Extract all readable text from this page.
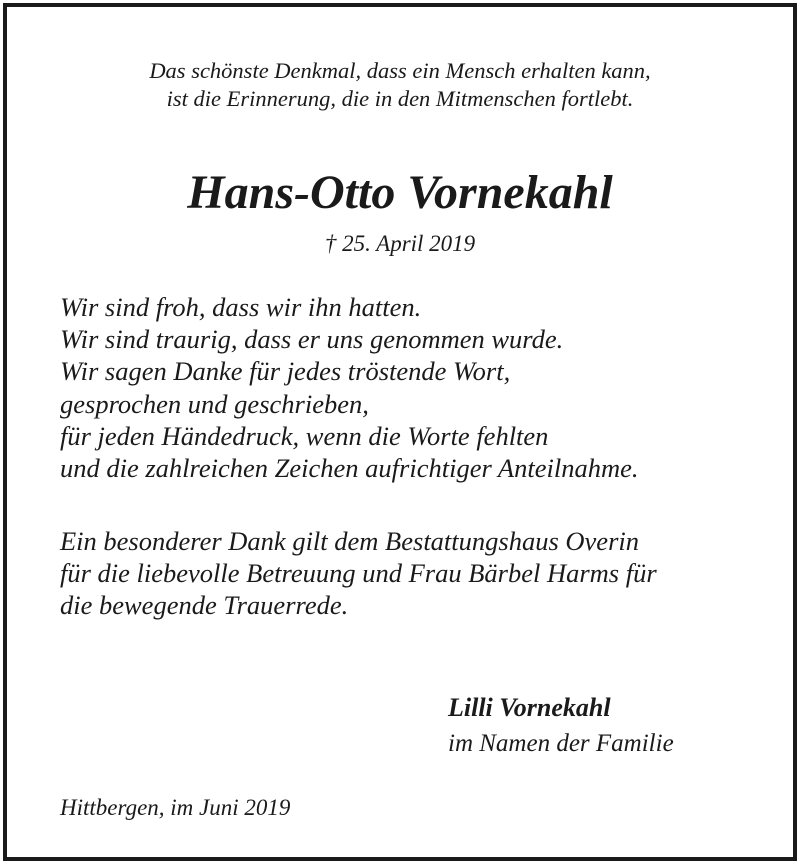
Das schönste Denkmal, dass ein Mensch erhalten kann,
ist die Erinnerung, die in den Mitmenschen fortlebt.
Hans-Otto Vornekahl
† 25. April 2019
Wir sind froh, dass wir ihn hatten.
Wir sind traurig, dass er uns genommen wurde.
Wir sagen Danke für jedes tröstende Wort,
gesprochen und geschrieben,
für jeden Händedruck, wenn die Worte fehlten
und die zahlreichen Zeichen aufrichtiger Anteilnahme.
Ein besonderer Dank gilt dem Bestattungshaus Overin
für die liebevolle Betreuung und Frau Bärbel Harms für
die bewegende Trauerrede.
Lilli Vornekahl
im Namen der Familie
Hittbergen, im Juni 2019
